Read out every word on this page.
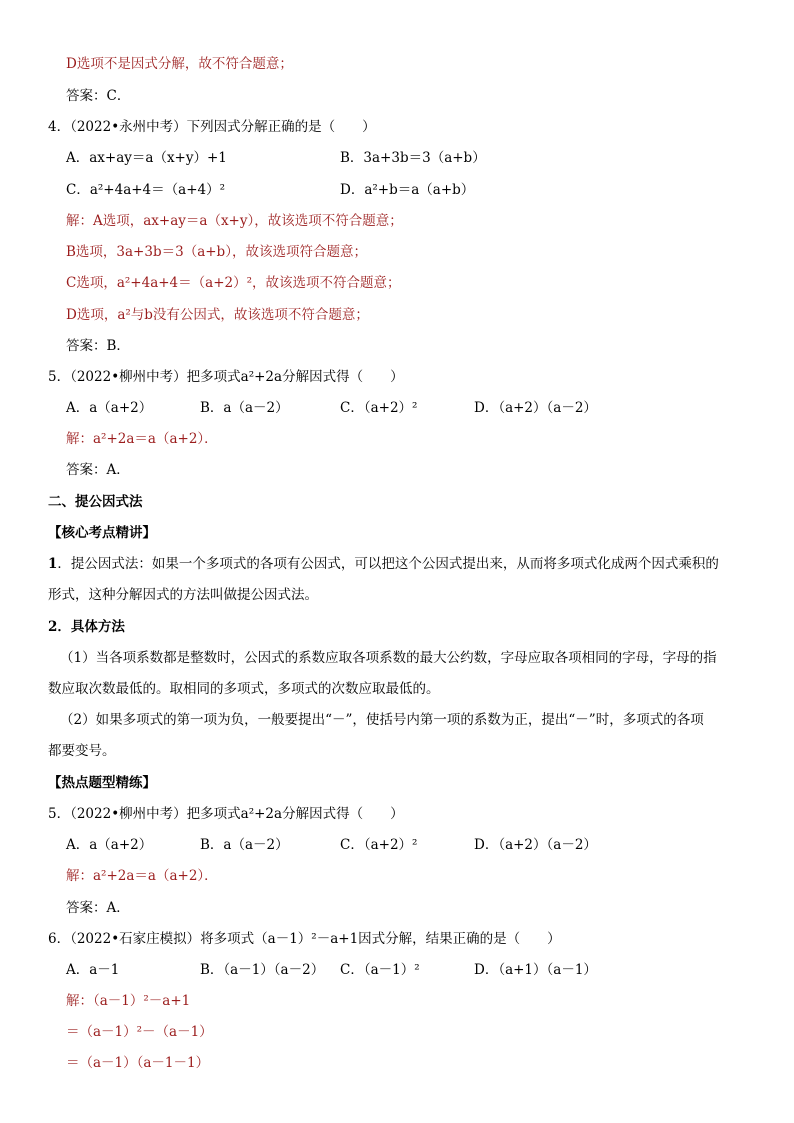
D选项不是因式分解，故不符合题意；
答案：C．
4．（2022•永州中考）下列因式分解正确的是（　　）
A．ax+ay＝a（x+y）+1	B．3a+3b＝3（a+b）
C．a²+4a+4＝（a+4）²	D．a²+b＝a（a+b）
解：A选项，ax+ay＝a（x+y），故该选项不符合题意；
B选项，3a+3b＝3（a+b），故该选项符合题意；
C选项，a²+4a+4＝（a+2）²，故该选项不符合题意；
D选项，a²与b没有公因式，故该选项不符合题意；
答案：B．
5．（2022•柳州中考）把多项式a²+2a分解因式得（　　）
A．a（a+2）	B．a（a－2）	C．（a+2）²	D．（a+2）（a－2）
解：a²+2a＝a（a+2）．
答案：A．
二、提公因式法
【核心考点精讲】
1．提公因式法：如果一个多项式的各项有公因式，可以把这个公因式提出来，从而将多项式化成两个因式乘积的
形式，这种分解因式的方法叫做提公因式法。
2．具体方法
（1）当各项系数都是整数时，公因式的系数应取各项系数的最大公约数，字母应取各项相同的字母，字母的指
数应取次数最低的。取相同的多项式，多项式的次数应取最低的。
（2）如果多项式的第一项为负，一般要提出“－”，使括号内第一项的系数为正，提出“－”时，多项式的各项
都要变号。
【热点题型精练】
5．（2022•柳州中考）把多项式a²+2a分解因式得（　　）
A．a（a+2）	B．a（a－2）	C．（a+2）²	D．（a+2）（a－2）
解：a²+2a＝a（a+2）．
答案：A．
6．（2022•石家庄模拟）将多项式（a－1）²－a+1因式分解，结果正确的是（　　）
A．a－1	B．（a－1）（a－2） C．（a－1）²	D．（a+1）（a－1）
解：（a－1）²－a+1
＝（a－1）²－（a－1）
＝（a－1）（a－1－1）
